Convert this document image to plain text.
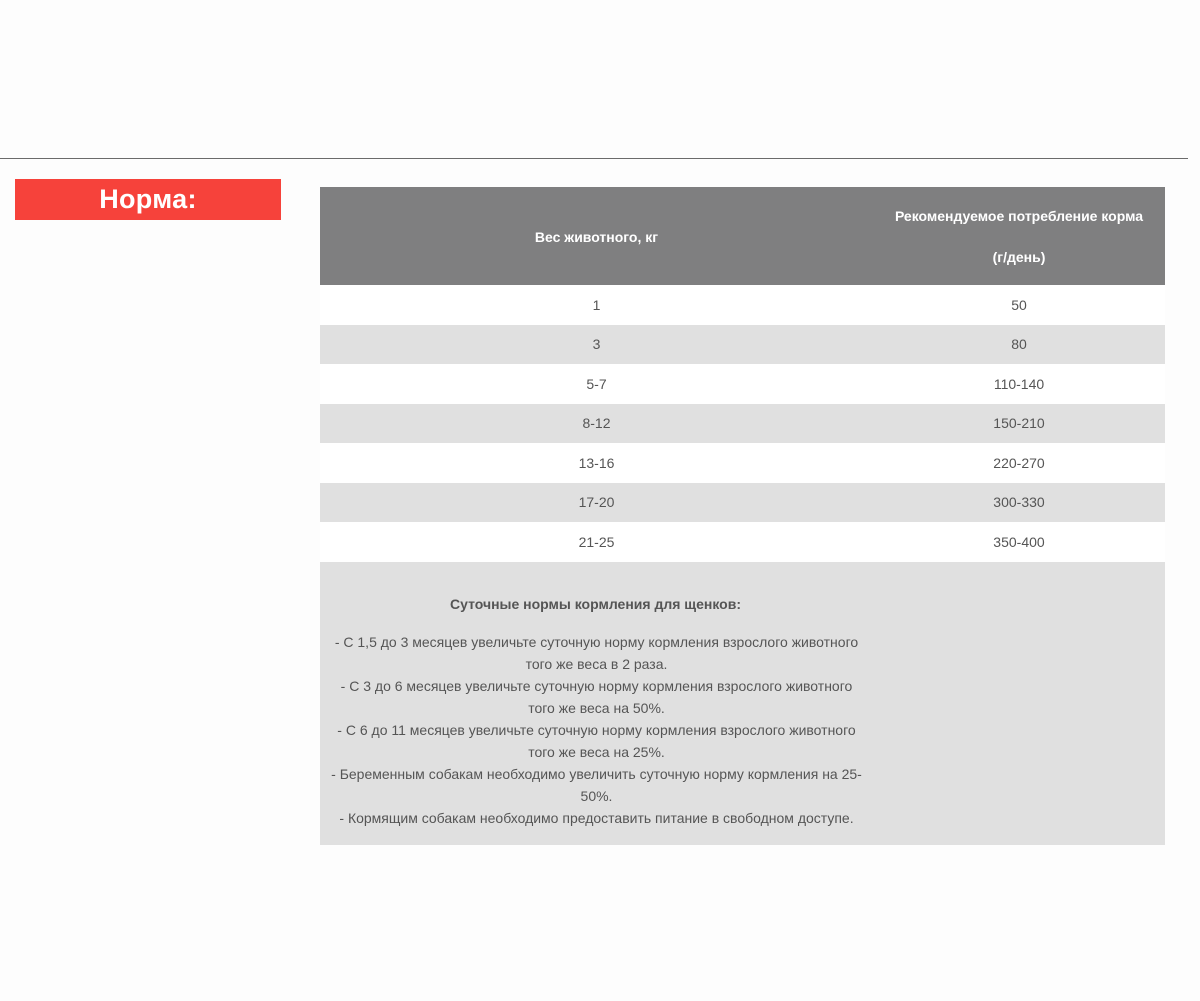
Норма:
Вес животного, кг
Рекомендуемое потребление корма
(г/день)
1	50
3	80
5-7	110-140
8-12	150-210
13-16	220-270
17-20	300-330
21-25	350-400
Суточные нормы кормления для щенков:
- С 1,5 до 3 месяцев увеличьте суточную норму кормления взрослого животного
того же веса в 2 раза.
- С 3 до 6 месяцев увеличьте суточную норму кормления взрослого животного
того же веса на 50%.
- С 6 до 11 месяцев увеличьте суточную норму кормления взрослого животного
того же веса на 25%.
- Беременным собакам необходимо увеличить суточную норму кормления на 25-
50%.
- Кормящим собакам необходимо предоставить питание в свободном доступе.
